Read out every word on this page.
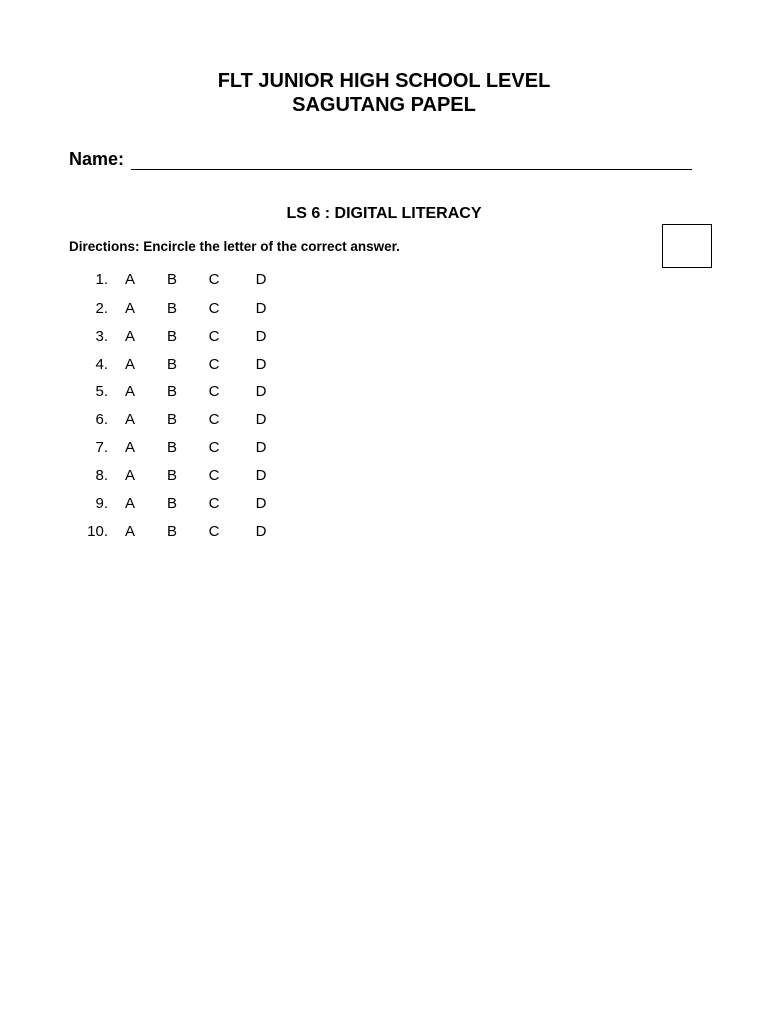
FLT JUNIOR HIGH SCHOOL LEVEL
SAGUTANG PAPEL
Name:
LS 6 : DIGITAL LITERACY
Directions: Encircle the letter of the correct answer.
1.	A	B	C	D
2.	A	B	C	D
3.	A	B	C	D
4.	A	B	C	D
5.	A	B	C	D
6.	A	B	C	D
7.	A	B	C	D
8.	A	B	C	D
9.	A	B	C	D
10.	A	B	C	D
